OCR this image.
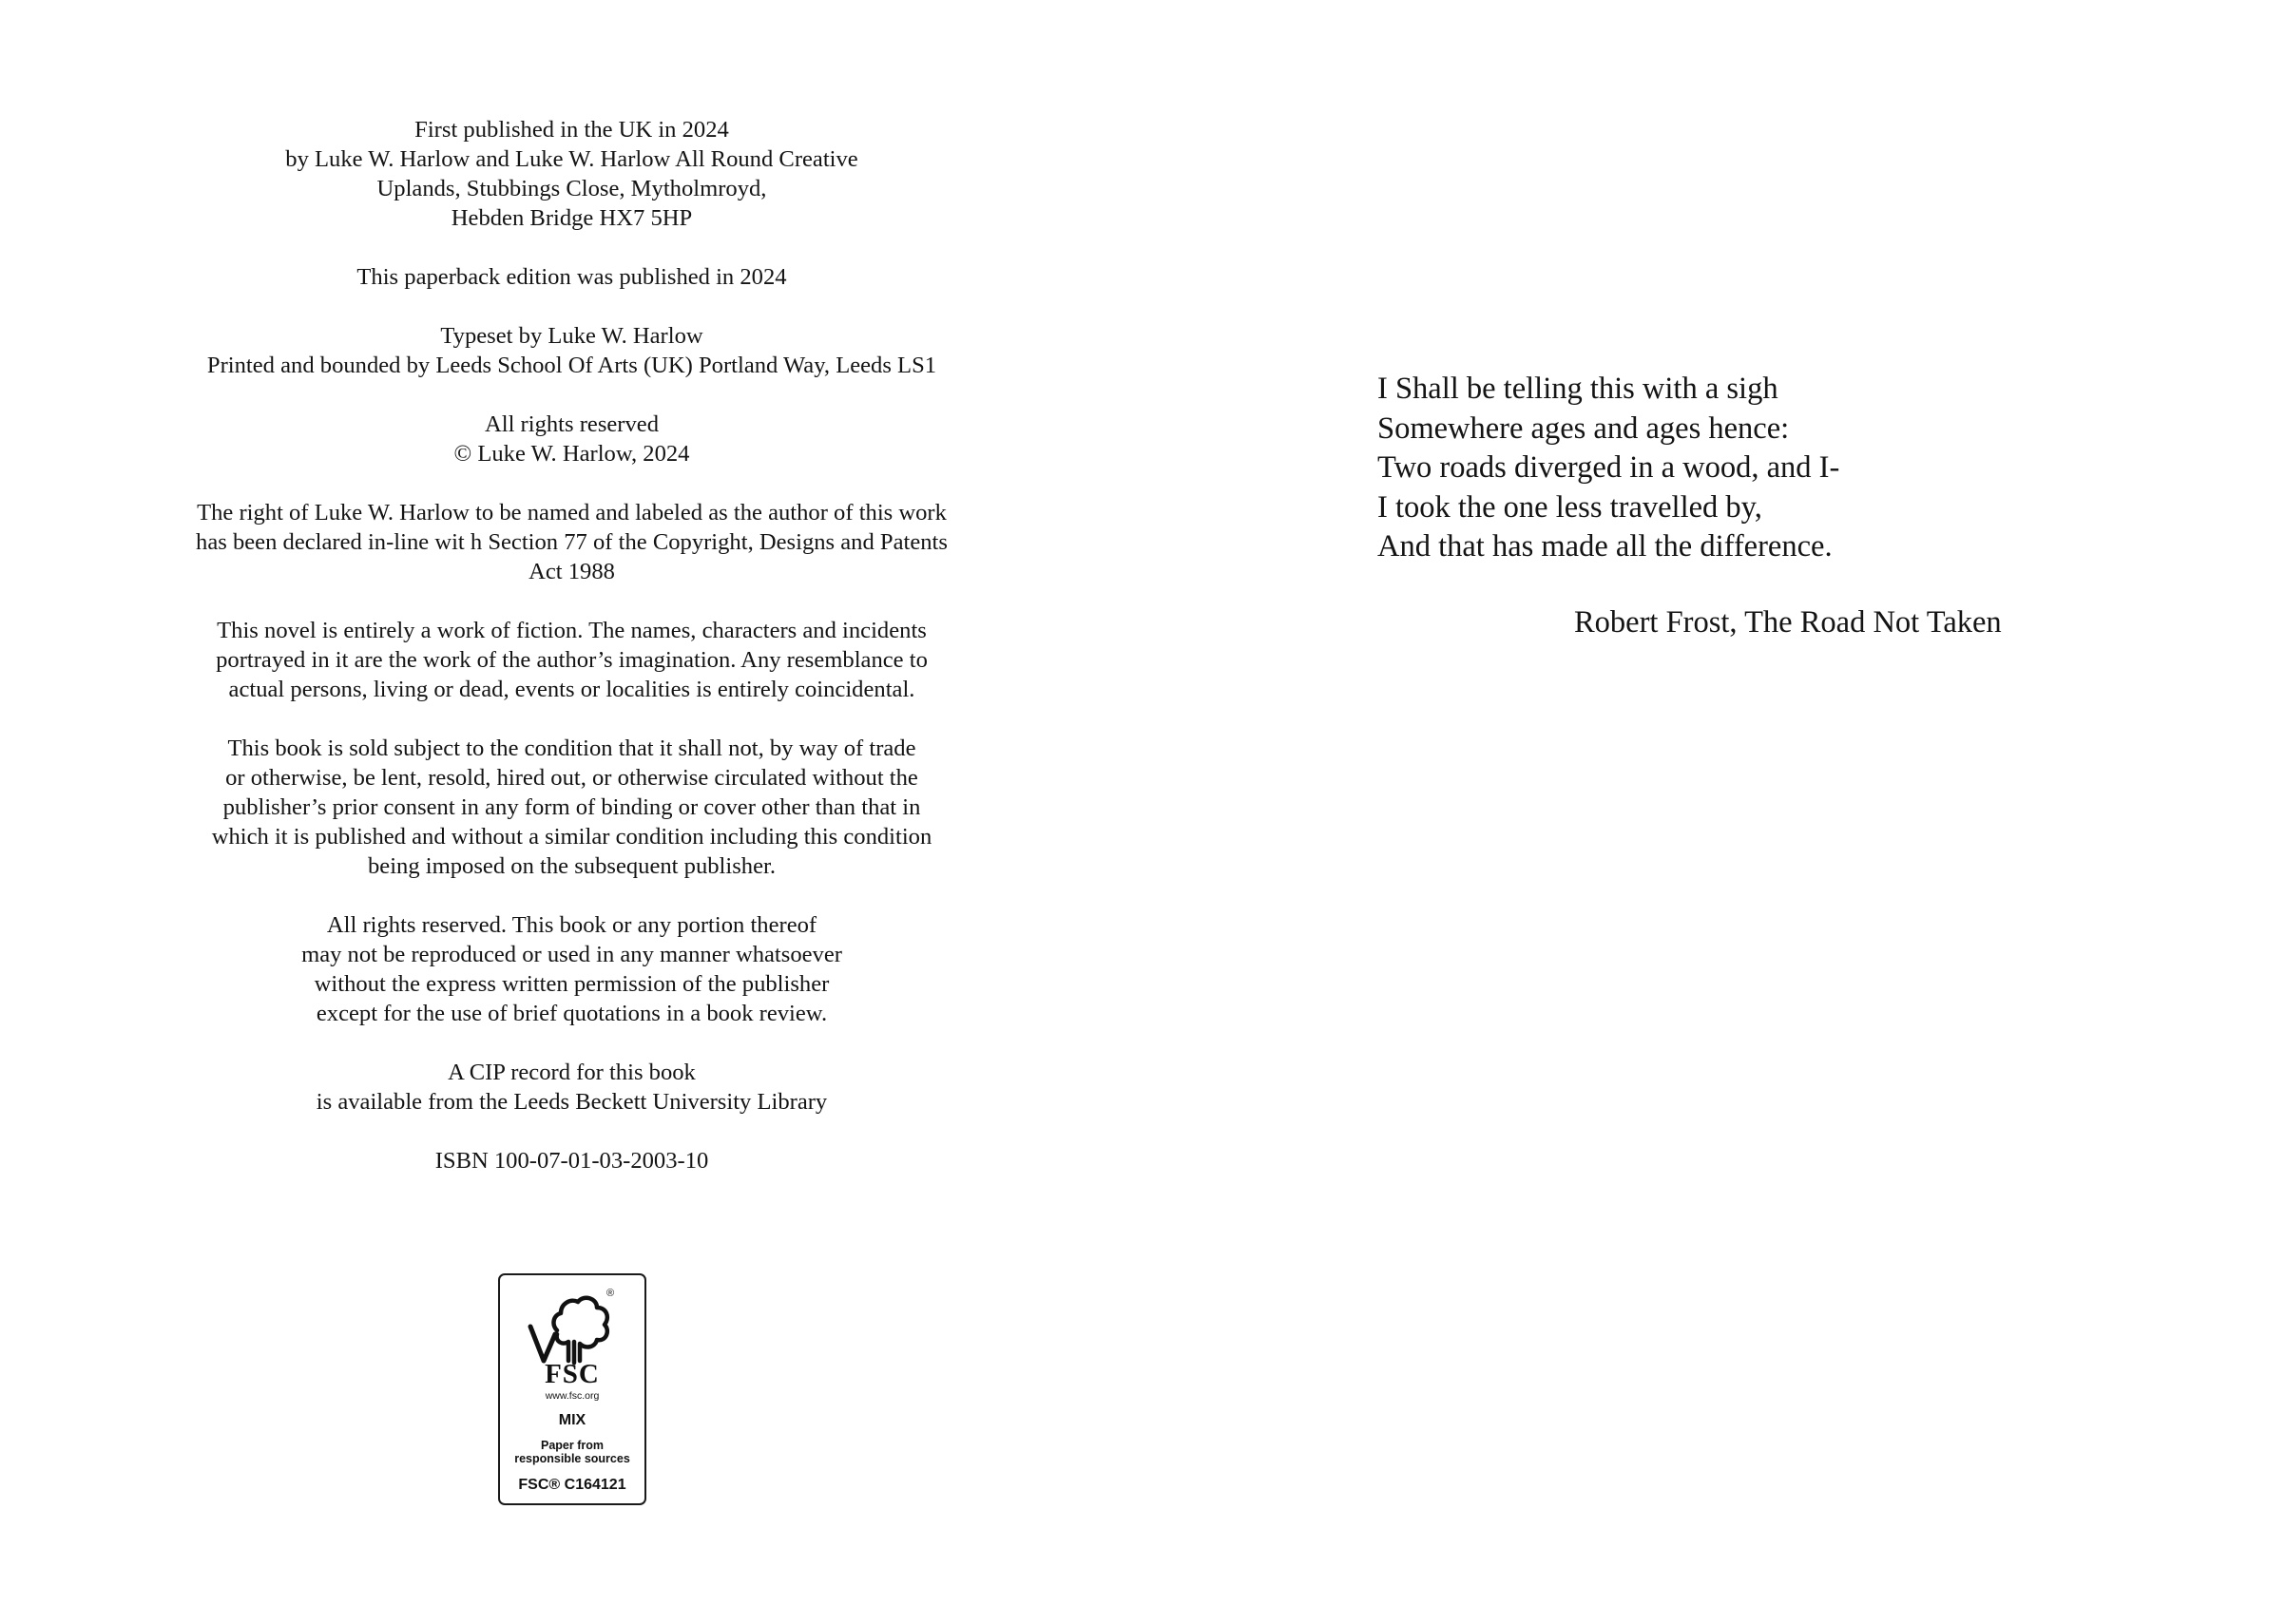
First published in the UK in 2024
by Luke W. Harlow and Luke W. Harlow All Round Creative
Uplands, Stubbings Close, Mytholmroyd,
Hebden Bridge HX7 5HP
This paperback edition was published in 2024
Typeset by Luke W. Harlow
Printed and bounded by Leeds School Of Arts (UK) Portland Way, Leeds LS1
All rights reserved
© Luke W. Harlow, 2024
The right of Luke W. Harlow to be named and labeled as the author of this work
has been declared in-line wit h Section 77 of the Copyright, Designs and Patents
Act 1988
This novel is entirely a work of fiction. The names, characters and incidents
portrayed in it are the work of the author’s imagination. Any resemblance to
actual persons, living or dead, events or localities is entirely coincidental.
This book is sold subject to the condition that it shall not, by way of trade
or otherwise, be lent, resold, hired out, or otherwise circulated without the
publisher’s prior consent in any form of binding or cover other than that in
which it is published and without a similar condition including this condition
being imposed on the subsequent publisher.
All rights reserved. This book or any portion thereof
may not be reproduced or used in any manner whatsoever
without the express written permission of the publisher
except for the use of brief quotations in a book review.
A CIP record for this book
is available from the Leeds Beckett University Library
ISBN 100-07-01-03-2003-10
®
FSC
www.fsc.org
MIX
Paper from
responsible sources
FSC® C164121
I Shall be telling this with a sigh
Somewhere ages and ages hence:
Two roads diverged in a wood, and I-
I took the one less travelled by,
And that has made all the difference.
Robert Frost, The Road Not Taken
